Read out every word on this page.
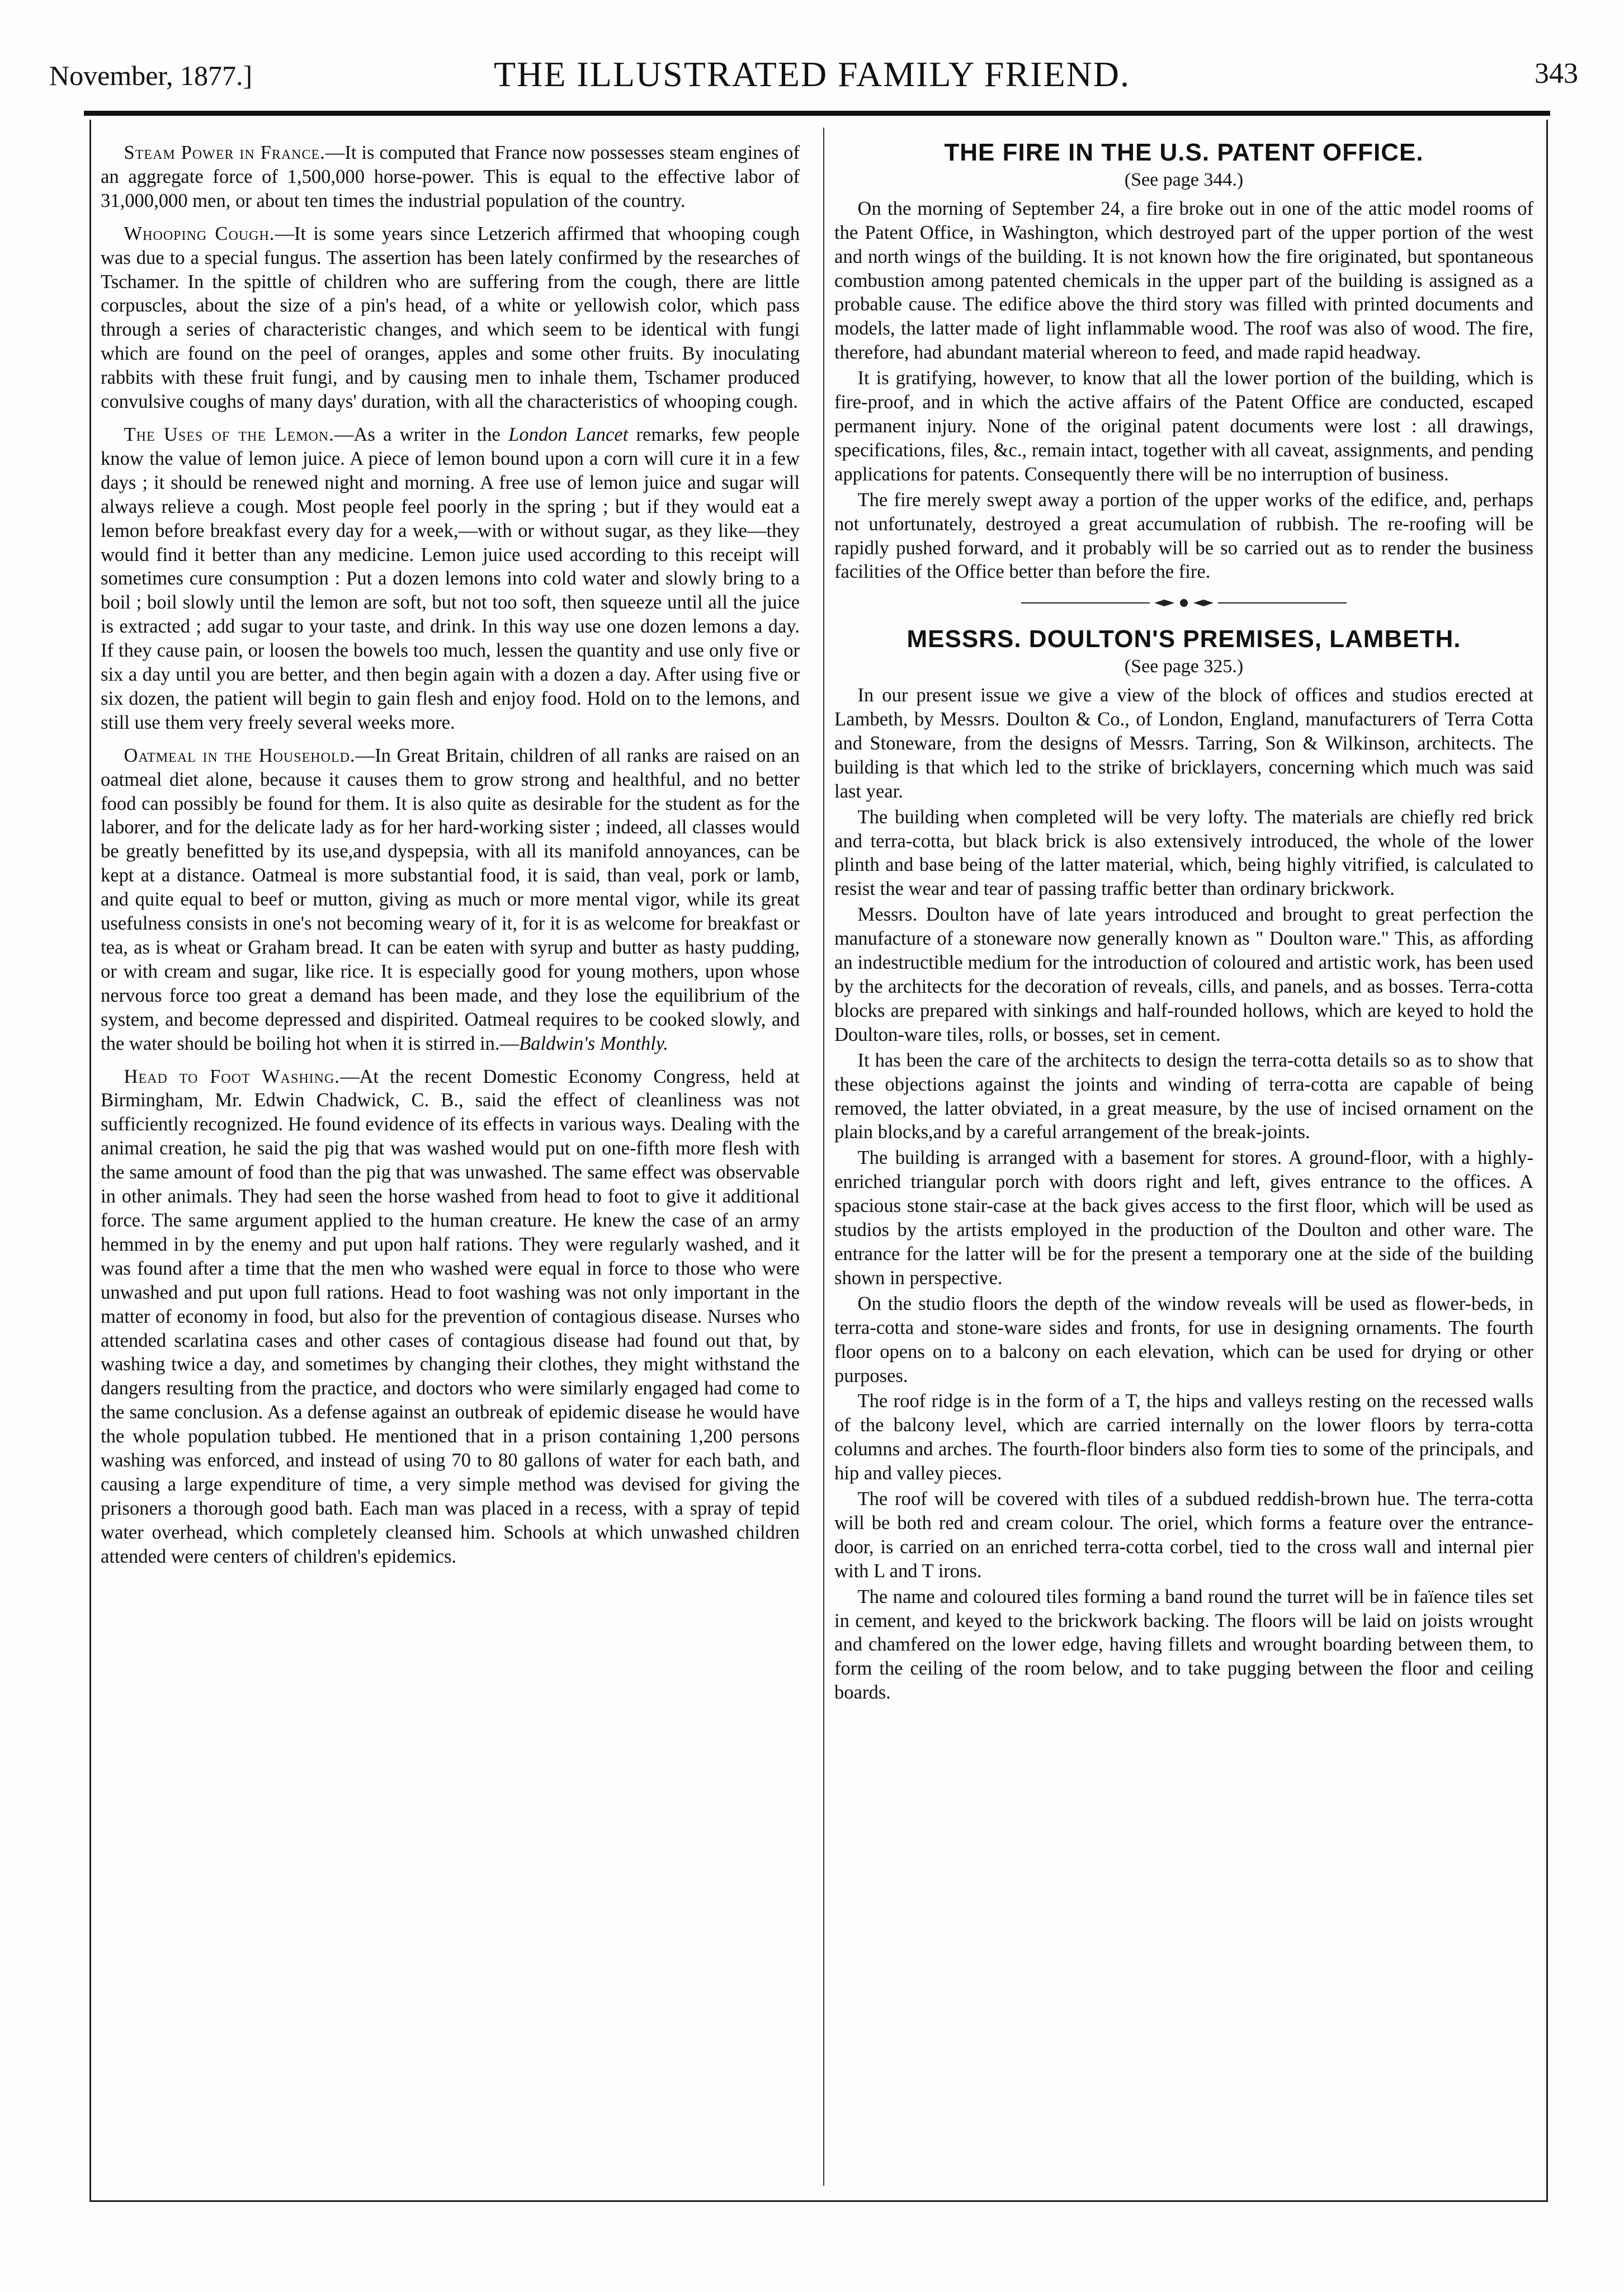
November, 1877.]	THE ILLUSTRATED FAMILY FRIEND.	343

Steam Power in France.—It is computed that France now possesses steam engines of an aggregate force of 1,500,000 horse-power. This is equal to the effective labor of 31,000,000 men, or about ten times the industrial population of the country.

Whooping Cough.—It is some years since Letzerich affirmed that whooping cough was due to a special fungus. The assertion has been lately confirmed by the researches of Tschamer. In the spittle of children who are suffering from the cough, there are little corpuscles, about the size of a pin's head, of a white or yellowish color, which pass through a series of characteristic changes, and which seem to be identical with fungi which are found on the peel of oranges, apples and some other fruits. By inoculating rabbits with these fruit fungi, and by causing men to inhale them, Tschamer produced convulsive coughs of many days' duration, with all the characteristics of whooping cough.

The Uses of the Lemon.—As a writer in the London Lancet remarks, few people know the value of lemon juice. A piece of lemon bound upon a corn will cure it in a few days ; it should be renewed night and morning. A free use of lemon juice and sugar will always relieve a cough. Most people feel poorly in the spring ; but if they would eat a lemon before breakfast every day for a week,—with or without sugar, as they like—they would find it better than any medicine. Lemon juice used according to this receipt will sometimes cure consumption : Put a dozen lemons into cold water and slowly bring to a boil ; boil slowly until the lemon are soft, but not too soft, then squeeze until all the juice is extracted ; add sugar to your taste, and drink. In this way use one dozen lemons a day. If they cause pain, or loosen the bowels too much, lessen the quantity and use only five or six a day until you are better, and then begin again with a dozen a day. After using five or six dozen, the patient will begin to gain flesh and enjoy food. Hold on to the lemons, and still use them very freely several weeks more.

Oatmeal in the Household.—In Great Britain, children of all ranks are raised on an oatmeal diet alone, because it causes them to grow strong and healthful, and no better food can possibly be found for them. It is also quite as desirable for the student as for the laborer, and for the delicate lady as for her hard-working sister ; indeed, all classes would be greatly benefitted by its use,and dyspepsia, with all its manifold annoyances, can be kept at a distance. Oatmeal is more substantial food, it is said, than veal, pork or lamb, and quite equal to beef or mutton, giving as much or more mental vigor, while its great usefulness consists in one's not becoming weary of it, for it is as welcome for breakfast or tea, as is wheat or Graham bread. It can be eaten with syrup and butter as hasty pudding, or with cream and sugar, like rice. It is especially good for young mothers, upon whose nervous force too great a demand has been made, and they lose the equilibrium of the system, and become depressed and dispirited. Oatmeal requires to be cooked slowly, and the water should be boiling hot when it is stirred in.—Baldwin's Monthly.

Head to Foot Washing.—At the recent Domestic Economy Congress, held at Birmingham, Mr. Edwin Chadwick, C. B., said the effect of cleanliness was not sufficiently recognized. He found evidence of its effects in various ways. Dealing with the animal creation, he said the pig that was washed would put on one-fifth more flesh with the same amount of food than the pig that was unwashed. The same effect was observable in other animals. They had seen the horse washed from head to foot to give it additional force. The same argument applied to the human creature. He knew the case of an army hemmed in by the enemy and put upon half rations. They were regularly washed, and it was found after a time that the men who washed were equal in force to those who were unwashed and put upon full rations. Head to foot washing was not only important in the matter of economy in food, but also for the prevention of contagious disease. Nurses who attended scarlatina cases and other cases of contagious disease had found out that, by washing twice a day, and sometimes by changing their clothes, they might withstand the dangers resulting from the practice, and doctors who were similarly engaged had come to the same conclusion. As a defense against an outbreak of epidemic disease he would have the whole population tubbed. He mentioned that in a prison containing 1,200 persons washing was enforced, and instead of using 70 to 80 gallons of water for each bath, and causing a large expenditure of time, a very simple method was devised for giving the prisoners a thorough good bath. Each man was placed in a recess, with a spray of tepid water overhead, which completely cleansed him. Schools at which unwashed children attended were centers of children's epidemics.

THE FIRE IN THE U.S. PATENT OFFICE.
(See page 344.)

On the morning of September 24, a fire broke out in one of the attic model rooms of the Patent Office, in Washington, which destroyed part of the upper portion of the west and north wings of the building. It is not known how the fire originated, but spontaneous combustion among patented chemicals in the upper part of the building is assigned as a probable cause. The edifice above the third story was filled with printed documents and models, the latter made of light inflammable wood. The roof was also of wood. The fire, therefore, had abundant material whereon to feed, and made rapid headway.

It is gratifying, however, to know that all the lower portion of the building, which is fire-proof, and in which the active affairs of the Patent Office are conducted, escaped permanent injury. None of the original patent documents were lost : all drawings, specifications, files, &c., remain intact, together with all caveat, assignments, and pending applications for patents. Consequently there will be no interruption of business.

The fire merely swept away a portion of the upper works of the edifice, and, perhaps not unfortunately, destroyed a great accumulation of rubbish. The re-roofing will be rapidly pushed forward, and it probably will be so carried out as to render the business facilities of the Office better than before the fire.

MESSRS. DOULTON'S PREMISES, LAMBETH.
(See page 325.)

In our present issue we give a view of the block of offices and studios erected at Lambeth, by Messrs. Doulton & Co., of London, England, manufacturers of Terra Cotta and Stoneware, from the designs of Messrs. Tarring, Son & Wilkinson, architects. The building is that which led to the strike of bricklayers, concerning which much was said last year.

The building when completed will be very lofty. The materials are chiefly red brick and terra-cotta, but black brick is also extensively introduced, the whole of the lower plinth and base being of the latter material, which, being highly vitrified, is calculated to resist the wear and tear of passing traffic better than ordinary brickwork.

Messrs. Doulton have of late years introduced and brought to great perfection the manufacture of a stoneware now generally known as " Doulton ware." This, as affording an indestructible medium for the introduction of coloured and artistic work, has been used by the architects for the decoration of reveals, cills, and panels, and as bosses. Terra-cotta blocks are prepared with sinkings and half-rounded hollows, which are keyed to hold the Doulton-ware tiles, rolls, or bosses, set in cement.

It has been the care of the architects to design the terra-cotta details so as to show that these objections against the joints and winding of terra-cotta are capable of being removed, the latter obviated, in a great measure, by the use of incised ornament on the plain blocks,and by a careful arrangement of the break-joints.

The building is arranged with a basement for stores. A ground-floor, with a highly-enriched triangular porch with doors right and left, gives entrance to the offices. A spacious stone stair-case at the back gives access to the first floor, which will be used as studios by the artists employed in the production of the Doulton and other ware. The entrance for the latter will be for the present a temporary one at the side of the building shown in perspective.

On the studio floors the depth of the window reveals will be used as flower-beds, in terra-cotta and stone-ware sides and fronts, for use in designing ornaments. The fourth floor opens on to a balcony on each elevation, which can be used for drying or other purposes.

The roof ridge is in the form of a T, the hips and valleys resting on the recessed walls of the balcony level, which are carried internally on the lower floors by terra-cotta columns and arches. The fourth-floor binders also form ties to some of the principals, and hip and valley pieces.

The roof will be covered with tiles of a subdued reddish-brown hue. The terra-cotta will be both red and cream colour. The oriel, which forms a feature over the entrance-door, is carried on an enriched terra-cotta corbel, tied to the cross wall and internal pier with L and T irons.

The name and coloured tiles forming a band round the turret will be in faïence tiles set in cement, and keyed to the brickwork backing. The floors will be laid on joists wrought and chamfered on the lower edge, having fillets and wrought boarding between them, to form the ceiling of the room below, and to take pugging between the floor and ceiling boards.
